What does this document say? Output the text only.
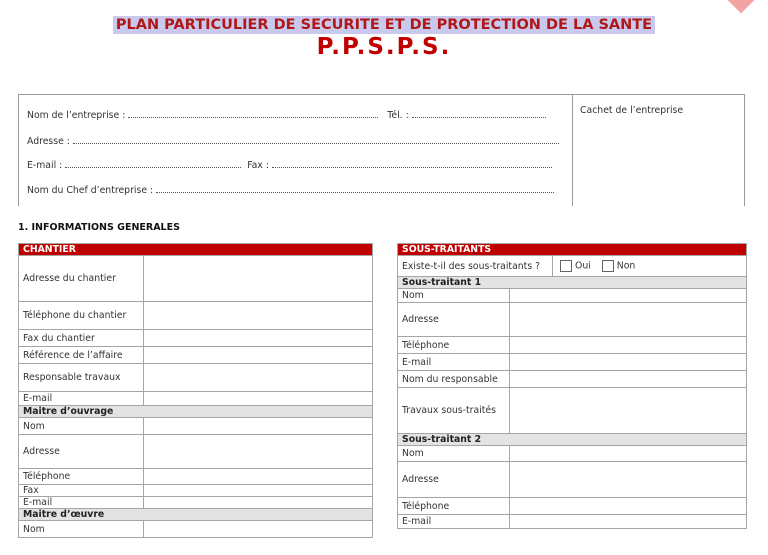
PLAN PARTICULIER DE SECURITE ET DE PROTECTION DE LA SANTE
P.P.S.P.S.
Nom de l’entreprise :	Tél. :
Adresse :
E-mail :	Fax :
Nom du Chef d’entreprise :
Cachet de l’entreprise
1. INFORMATIONS GENERALES
CHANTIER	
Adresse du chantier	
Téléphone du chantier	
Fax du chantier	
Référence de l’affaire	
Responsable travaux	
E-mail	
Maitre d’ouvrage	
Nom	
Adresse	
Téléphone	
Fax	
E-mail	
Maitre d’œuvre	
Nom	
SOUS-TRAITANTS		
Existe-t-il des sous-traitants ?		Oui Non
Sous-traitant 1		
Nom		
Adresse		
Téléphone		
E-mail		
Nom du responsable		
Travaux sous-traités		
Sous-traitant 2		
Nom		
Adresse		
Téléphone		
E-mail		
